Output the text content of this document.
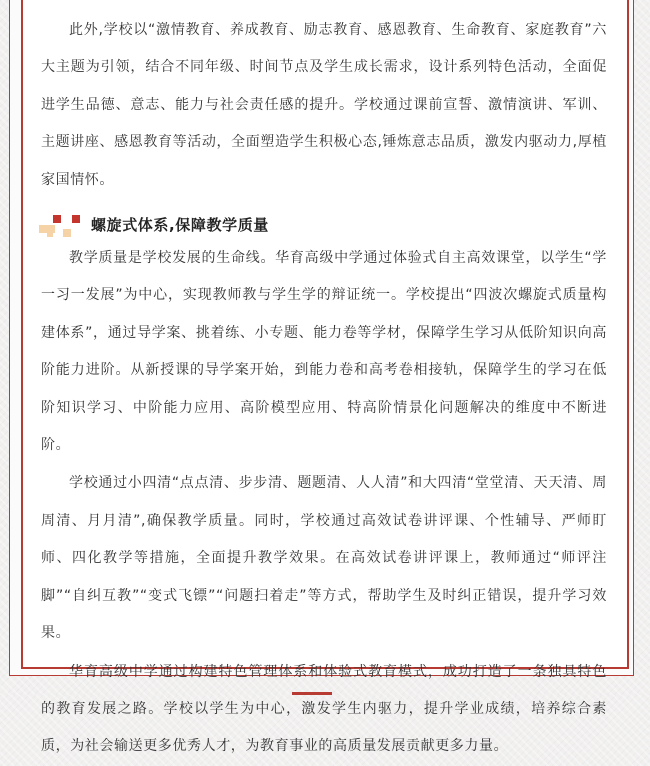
此外,学校以“激情教育、养成教育、励志教育、感恩教育、生命教育、家庭教育”六大主题为引领，结合不同年级、时间节点及学生成长需求，设计系列特色活动，全面促进学生品德、意志、能力与社会责任感的提升。学校通过课前宣誓、激情演讲、军训、主题讲座、感恩教育等活动，全面塑造学生积极心态,锤炼意志品质，激发内驱动力,厚植家国情怀。

螺旋式体系,保障教学质量

教学质量是学校发展的生命线。华育高级中学通过体验式自主高效课堂，以学生“学一习一发展”为中心，实现教师教与学生学的辩证统一。学校提出“四波次螺旋式质量构建体系”，通过导学案、挑着练、小专题、能力卷等学材，保障学生学习从低阶知识向高阶能力进阶。从新授课的导学案开始，到能力卷和高考卷相接轨，保障学生的学习在低阶知识学习、中阶能力应用、高阶模型应用、特高阶情景化问题解决的维度中不断进阶。

学校通过小四清“点点清、步步清、题题清、人人清”和大四清“堂堂清、天天清、周周清、月月清”,确保教学质量。同时，学校通过高效试卷讲评课、个性辅导、严师盯师、四化教学等措施，全面提升教学效果。在高效试卷讲评课上，教师通过“师评注脚”“自纠互教”“变式飞镖”“问题扫着走”等方式，帮助学生及时纠正错误，提升学习效果。

华育高级中学通过构建特色管理体系和体验式教育模式，成功打造了一条独具特色的教育发展之路。学校以学生为中心，激发学生内驱力，提升学业成绩，培养综合素质，为社会输送更多优秀人才，为教育事业的高质量发展贡献更多力量。
